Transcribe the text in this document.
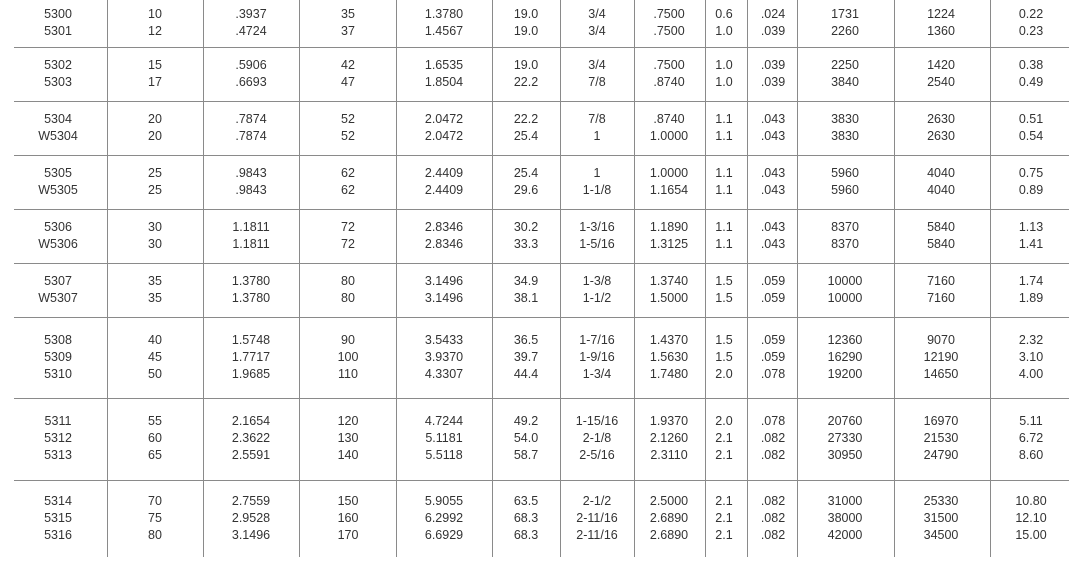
5300
5301
10
12
.3937
.4724
35
37
1.3780
1.4567
19.0
19.0
3/4
3/4
.7500
.7500
0.6
1.0
.024
.039
1731
2260
1224
1360
0.22
0.23
5302
5303
15
17
.5906
.6693
42
47
1.6535
1.8504
19.0
22.2
3/4
7/8
.7500
.8740
1.0
1.0
.039
.039
2250
3840
1420
2540
0.38
0.49
5304
W5304
20
20
.7874
.7874
52
52
2.0472
2.0472
22.2
25.4
7/8
1
.8740
1.0000
1.1
1.1
.043
.043
3830
3830
2630
2630
0.51
0.54
5305
W5305
25
25
.9843
.9843
62
62
2.4409
2.4409
25.4
29.6
1
1-1/8
1.0000
1.1654
1.1
1.1
.043
.043
5960
5960
4040
4040
0.75
0.89
5306
W5306
30
30
1.1811
1.1811
72
72
2.8346
2.8346
30.2
33.3
1-3/16
1-5/16
1.1890
1.3125
1.1
1.1
.043
.043
8370
8370
5840
5840
1.13
1.41
5307
W5307
35
35
1.3780
1.3780
80
80
3.1496
3.1496
34.9
38.1
1-3/8
1-1/2
1.3740
1.5000
1.5
1.5
.059
.059
10000
10000
7160
7160
1.74
1.89
5308
5309
5310
40
45
50
1.5748
1.7717
1.9685
90
100
110
3.5433
3.9370
4.3307
36.5
39.7
44.4
1-7/16
1-9/16
1-3/4
1.4370
1.5630
1.7480
1.5
1.5
2.0
.059
.059
.078
12360
16290
19200
9070
12190
14650
2.32
3.10
4.00
5311
5312
5313
55
60
65
2.1654
2.3622
2.5591
120
130
140
4.7244
5.1181
5.5118
49.2
54.0
58.7
1-15/16
2-1/8
2-5/16
1.9370
2.1260
2.3110
2.0
2.1
2.1
.078
.082
.082
20760
27330
30950
16970
21530
24790
5.11
6.72
8.60
5314
5315
5316
70
75
80
2.7559
2.9528
3.1496
150
160
170
5.9055
6.2992
6.6929
63.5
68.3
68.3
2-1/2
2-11/16
2-11/16
2.5000
2.6890
2.6890
2.1
2.1
2.1
.082
.082
.082
31000
38000
42000
25330
31500
34500
10.80
12.10
15.00
